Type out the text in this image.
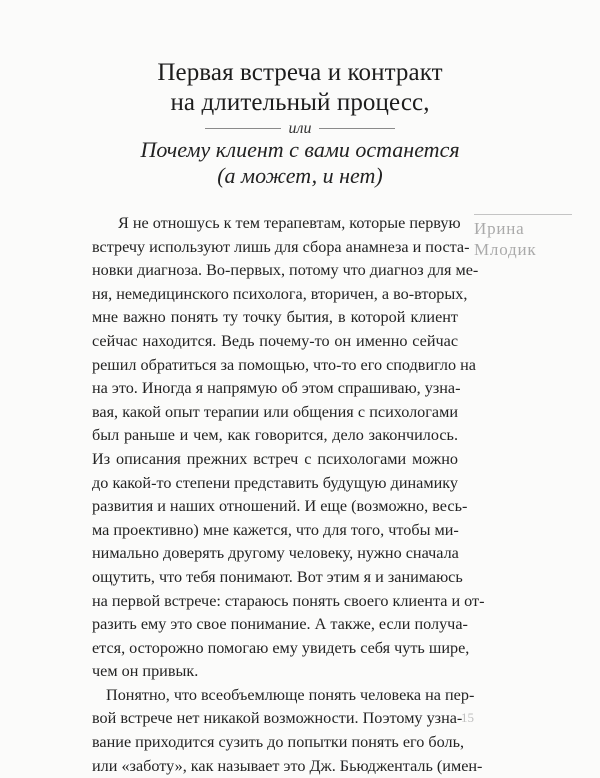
Первая встреча и контракт
на длительный процесс,
или
Почему клиент с вами останется
(а может, и нет)
Ирина
Млодик
Я не отношусь к тем терапевтам, которые первую
встречу используют лишь для сбора анамнеза и поста-
новки диагноза. Во-первых, потому что диагноз для ме-
ня, немедицинского психолога, вторичен, а во-вторых,
мне важно понять ту точку бытия, в которой клиент
сейчас находится. Ведь почему-то он именно сейчас
решил обратиться за помощью, что-то его сподвигло на
на это. Иногда я напрямую об этом спрашиваю, узна-
вая, какой опыт терапии или общения с психологами
был раньше и чем, как говорится, дело закончилось.
Из описания прежних встреч с психологами можно
до какой-то степени представить будущую динамику
развития и наших отношений. И еще (возможно, весь-
ма проективно) мне кажется, что для того, чтобы ми-
нимально доверять другому человеку, нужно сначала
ощутить, что тебя понимают. Вот этим я и занимаюсь
на первой встрече: стараюсь понять своего клиента и от-
разить ему это свое понимание. А также, если получа-
ется, осторожно помогаю ему увидеть себя чуть шире,
чем он привык.
Понятно, что всеобъемлюще понять человека на пер-
вой встрече нет никакой возможности. Поэтому узна-
вание приходится сузить до попытки понять его боль,
или «заботу», как называет это Дж. Бьюдженталь (имен-
15
